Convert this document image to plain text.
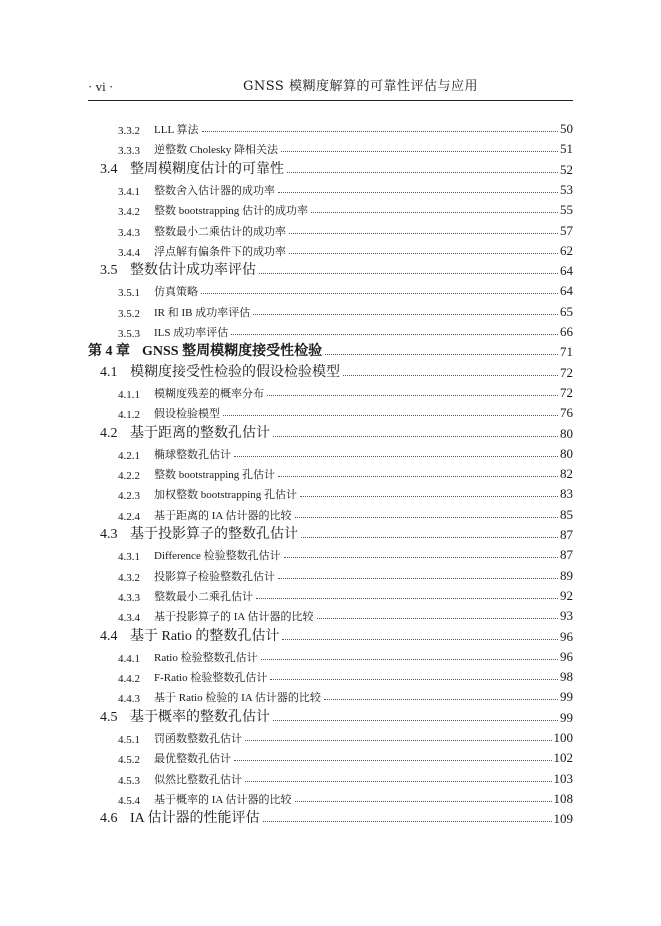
· vi ·	GNSS 模糊度解算的可靠性评估与应用
3.3.2	LLL 算法	50
3.3.3	逆整数 Cholesky 降相关法	51
3.4 整周模糊度估计的可靠性	52
3.4.1	整数舍入估计器的成功率	53
3.4.2	整数 bootstrapping 估计的成功率	55
3.4.3	整数最小二乘估计的成功率	57
3.4.4	浮点解有偏条件下的成功率	62
3.5 整数估计成功率评估	64
3.5.1	仿真策略	64
3.5.2	IR 和 IB 成功率评估	65
3.5.3	ILS 成功率评估	66
第 4 章 GNSS 整周模糊度接受性检验	71
4.1 模糊度接受性检验的假设检验模型	72
4.1.1	模糊度残差的概率分布	72
4.1.2	假设检验模型	76
4.2 基于距离的整数孔估计	80
4.2.1	椭球整数孔估计	80
4.2.2	整数 bootstrapping 孔估计	82
4.2.3	加权整数 bootstrapping 孔估计	83
4.2.4	基于距离的 IA 估计器的比较	85
4.3 基于投影算子的整数孔估计	87
4.3.1	Difference 检验整数孔估计	87
4.3.2	投影算子检验整数孔估计	89
4.3.3	整数最小二乘孔估计	92
4.3.4	基于投影算子的 IA 估计器的比较	93
4.4 基于 Ratio 的整数孔估计	96
4.4.1	Ratio 检验整数孔估计	96
4.4.2	F-Ratio 检验整数孔估计	98
4.4.3	基于 Ratio 检验的 IA 估计器的比较	99
4.5 基于概率的整数孔估计	99
4.5.1	罚函数整数孔估计	100
4.5.2	最优整数孔估计	102
4.5.3	似然比整数孔估计	103
4.5.4	基于概率的 IA 估计器的比较	108
4.6 IA 估计器的性能评估	109
